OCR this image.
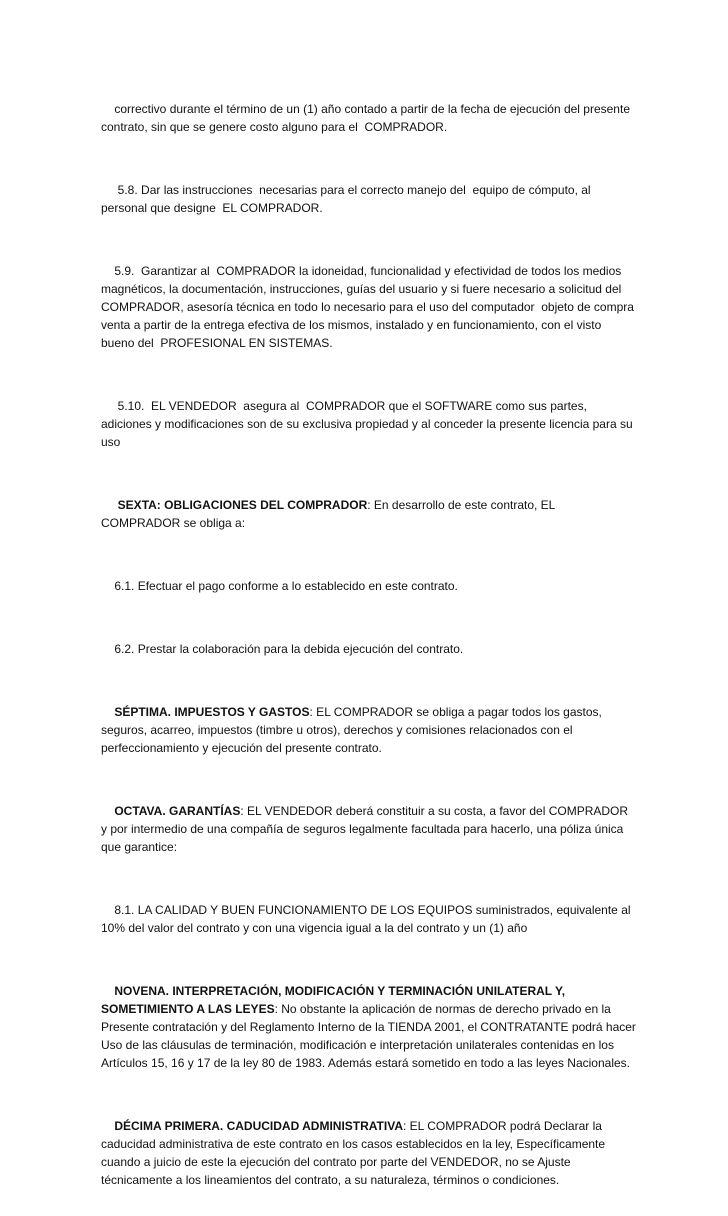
correctivo durante el término de un (1) año contado a partir de la fecha de ejecución del presente contrato, sin que se genere costo alguno para el  COMPRADOR.

5.8. Dar las instrucciones  necesarias para el correcto manejo del  equipo de cómputo, al personal que designe  EL COMPRADOR.

5.9.  Garantizar al  COMPRADOR la idoneidad, funcionalidad y efectividad de todos los medios magnéticos, la documentación, instrucciones, guías del usuario y si fuere necesario a solicitud del COMPRADOR, asesoría técnica en todo lo necesario para el uso del computador  objeto de compra venta a partir de la entrega efectiva de los mismos, instalado y en funcionamiento, con el visto bueno del  PROFESIONAL EN SISTEMAS.

5.10.  EL VENDEDOR  asegura al  COMPRADOR que el SOFTWARE como sus partes, adiciones y modificaciones son de su exclusiva propiedad y al conceder la presente licencia para su uso

SEXTA: OBLIGACIONES DEL COMPRADOR: En desarrollo de este contrato, EL COMPRADOR se obliga a:

6.1. Efectuar el pago conforme a lo establecido en este contrato.

6.2. Prestar la colaboración para la debida ejecución del contrato.

SÉPTIMA. IMPUESTOS Y GASTOS: EL COMPRADOR se obliga a pagar todos los gastos, seguros, acarreo, impuestos (timbre u otros), derechos y comisiones relacionados con el perfeccionamiento y ejecución del presente contrato.

OCTAVA. GARANTÍAS: EL VENDEDOR deberá constituir a su costa, a favor del COMPRADOR y por intermedio de una compañía de seguros legalmente facultada para hacerlo, una póliza única que garantice:

8.1. LA CALIDAD Y BUEN FUNCIONAMIENTO DE LOS EQUIPOS suministrados, equivalente al 10% del valor del contrato y con una vigencia igual a la del contrato y un (1) año

NOVENA. INTERPRETACIÓN, MODIFICACIÓN Y TERMINACIÓN UNILATERAL Y, SOMETIMIENTO A LAS LEYES: No obstante la aplicación de normas de derecho privado en la Presente contratación y del Reglamento Interno de la TIENDA 2001, el CONTRATANTE podrá hacer Uso de las cláusulas de terminación, modificación e interpretación unilaterales contenidas en los Artículos 15, 16 y 17 de la ley 80 de 1983. Además estará sometido en todo a las leyes Nacionales.

DÉCIMA PRIMERA. CADUCIDAD ADMINISTRATIVA: EL COMPRADOR podrá Declarar la caducidad administrativa de este contrato en los casos establecidos en la ley, Específicamente cuando a juicio de este la ejecución del contrato por parte del VENDEDOR, no se Ajuste técnicamente a los lineamientos del contrato, a su naturaleza, términos o condiciones.
